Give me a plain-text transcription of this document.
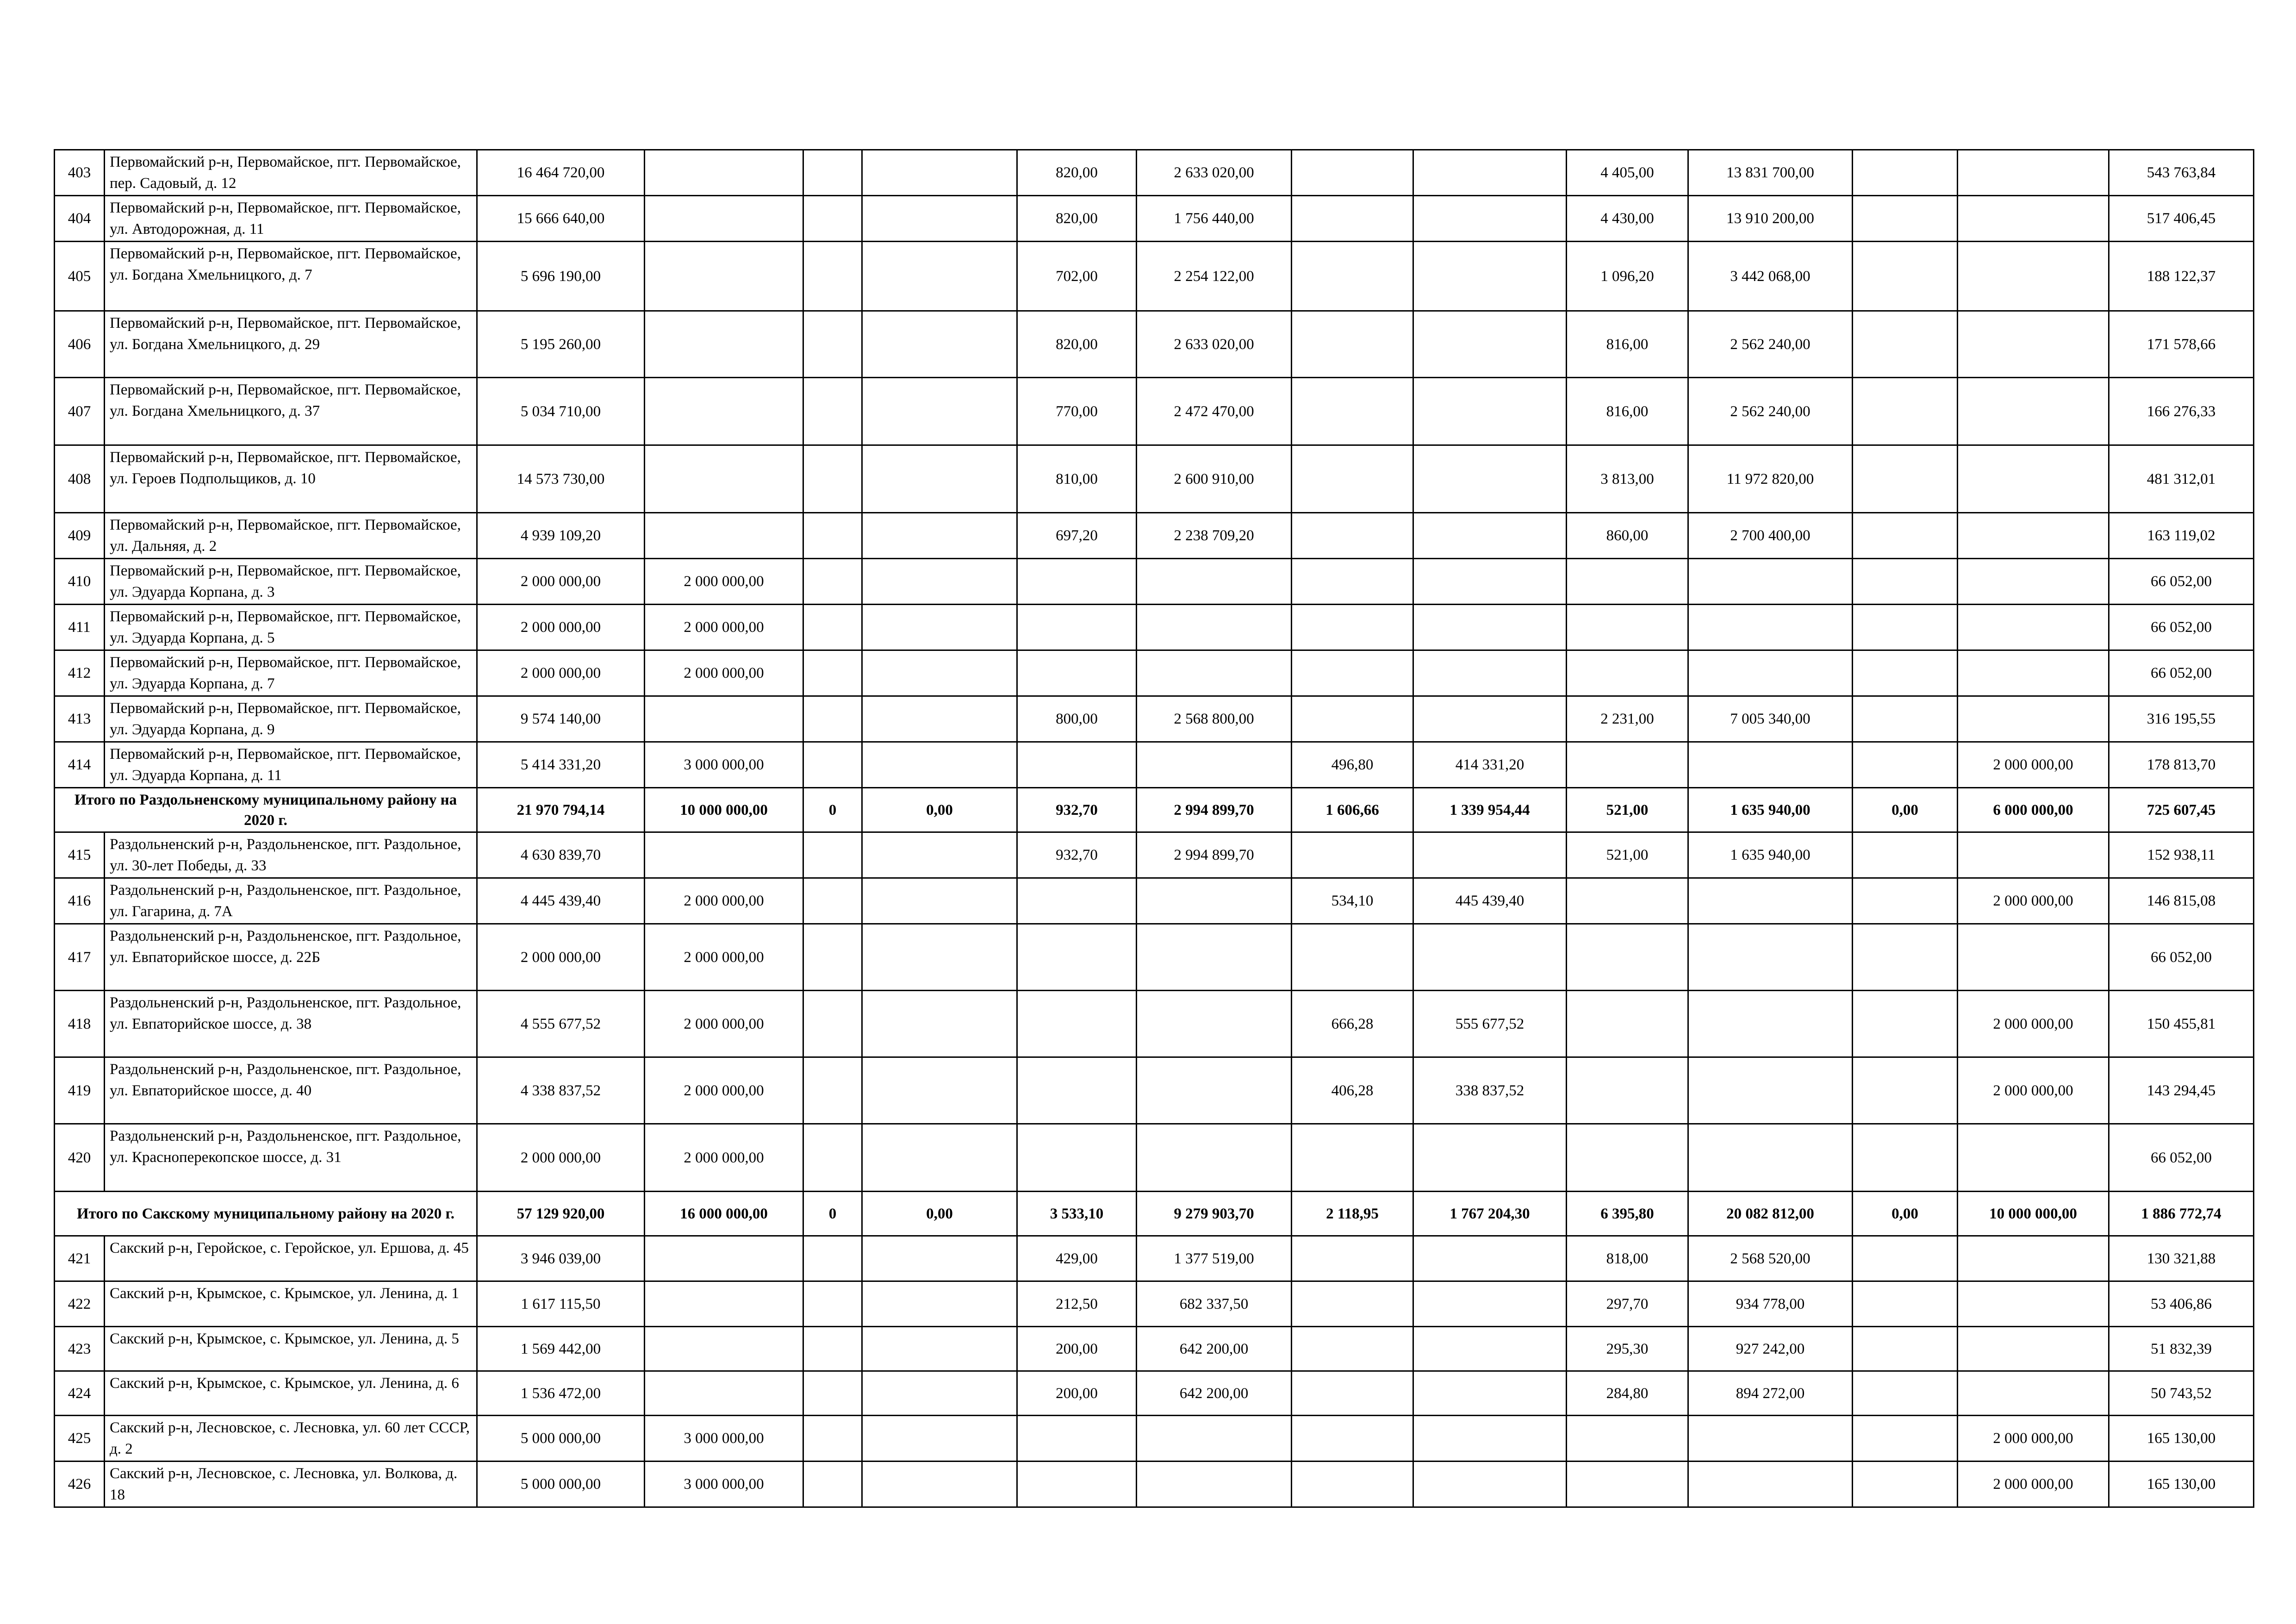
403	Первомайский р-н, Первомайское, пгт. Первомайское, пер. Садовый, д. 12	16 464 720,00				820,00	2 633 020,00			4 405,00	13 831 700,00			543 763,84
404	Первомайский р-н, Первомайское, пгт. Первомайское, ул. Автодорожная, д. 11	15 666 640,00				820,00	1 756 440,00			4 430,00	13 910 200,00			517 406,45
405	Первомайский р-н, Первомайское, пгт. Первомайское, ул. Богдана Хмельницкого, д. 7	5 696 190,00				702,00	2 254 122,00			1 096,20	3 442 068,00			188 122,37
406	Первомайский р-н, Первомайское, пгт. Первомайское, ул. Богдана Хмельницкого, д. 29	5 195 260,00				820,00	2 633 020,00			816,00	2 562 240,00			171 578,66
407	Первомайский р-н, Первомайское, пгт. Первомайское, ул. Богдана Хмельницкого, д. 37	5 034 710,00				770,00	2 472 470,00			816,00	2 562 240,00			166 276,33
408	Первомайский р-н, Первомайское, пгт. Первомайское, ул. Героев Подпольщиков, д. 10	14 573 730,00				810,00	2 600 910,00			3 813,00	11 972 820,00			481 312,01
409	Первомайский р-н, Первомайское, пгт. Первомайское, ул. Дальняя, д. 2	4 939 109,20				697,20	2 238 709,20			860,00	2 700 400,00			163 119,02
410	Первомайский р-н, Первомайское, пгт. Первомайское, ул. Эдуарда Корпана, д. 3	2 000 000,00	2 000 000,00											66 052,00
411	Первомайский р-н, Первомайское, пгт. Первомайское, ул. Эдуарда Корпана, д. 5	2 000 000,00	2 000 000,00											66 052,00
412	Первомайский р-н, Первомайское, пгт. Первомайское, ул. Эдуарда Корпана, д. 7	2 000 000,00	2 000 000,00											66 052,00
413	Первомайский р-н, Первомайское, пгт. Первомайское, ул. Эдуарда Корпана, д. 9	9 574 140,00				800,00	2 568 800,00			2 231,00	7 005 340,00			316 195,55
414	Первомайский р-н, Первомайское, пгт. Первомайское, ул. Эдуарда Корпана, д. 11	5 414 331,20	3 000 000,00					496,80	414 331,20				2 000 000,00	178 813,70
Итого по Раздольненскому муниципальному району на 2020 г.		21 970 794,14	10 000 000,00	0	0,00	932,70	2 994 899,70	1 606,66	1 339 954,44	521,00	1 635 940,00	0,00	6 000 000,00	725 607,45
415	Раздольненский р-н, Раздольненское, пгт. Раздольное, ул. 30-лет Победы, д. 33	4 630 839,70				932,70	2 994 899,70			521,00	1 635 940,00			152 938,11
416	Раздольненский р-н, Раздольненское, пгт. Раздольное, ул. Гагарина, д. 7А	4 445 439,40	2 000 000,00					534,10	445 439,40				2 000 000,00	146 815,08
417	Раздольненский р-н, Раздольненское, пгт. Раздольное, ул. Евпаторийское шоссе, д. 22Б	2 000 000,00	2 000 000,00											66 052,00
418	Раздольненский р-н, Раздольненское, пгт. Раздольное, ул. Евпаторийское шоссе, д. 38	4 555 677,52	2 000 000,00					666,28	555 677,52				2 000 000,00	150 455,81
419	Раздольненский р-н, Раздольненское, пгт. Раздольное, ул. Евпаторийское шоссе, д. 40	4 338 837,52	2 000 000,00					406,28	338 837,52				2 000 000,00	143 294,45
420	Раздольненский р-н, Раздольненское, пгт. Раздольное, ул. Краснoперекопское шоссе, д. 31	2 000 000,00	2 000 000,00											66 052,00
Итого по Сакскому муниципальному району на 2020 г.		57 129 920,00	16 000 000,00	0	0,00	3 533,10	9 279 903,70	2 118,95	1 767 204,30	6 395,80	20 082 812,00	0,00	10 000 000,00	1 886 772,74
421	Сакский р-н, Геройское, с. Геройское, ул. Ершова, д. 45	3 946 039,00				429,00	1 377 519,00			818,00	2 568 520,00			130 321,88
422	Сакский р-н, Крымское, с. Крымское, ул. Ленина, д. 1	1 617 115,50				212,50	682 337,50			297,70	934 778,00			53 406,86
423	Сакский р-н, Крымское, с. Крымское, ул. Ленина, д. 5	1 569 442,00				200,00	642 200,00			295,30	927 242,00			51 832,39
424	Сакский р-н, Крымское, с. Крымское, ул. Ленина, д. 6	1 536 472,00				200,00	642 200,00			284,80	894 272,00			50 743,52
425	Сакский р-н, Лесновское, с. Лесновка, ул. 60 лет СССР, д. 2	5 000 000,00	3 000 000,00										2 000 000,00	165 130,00
426	Сакский р-н, Лесновское, с. Лесновка, ул. Волкова, д. 18	5 000 000,00	3 000 000,00										2 000 000,00	165 130,00
